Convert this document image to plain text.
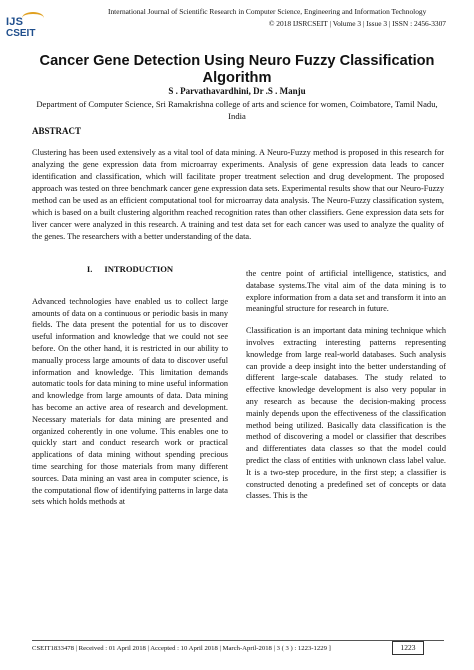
IJS
CSEIT
International Journal of Scientific Research in Computer Science, Engineering and Information Technology
© 2018 IJSRCSEIT | Volume 3 | Issue 3 | ISSN : 2456-3307
Cancer Gene Detection Using Neuro Fuzzy Classification Algorithm
S . Parvathavardhini, Dr .S . Manju
Department of Computer Science, Sri Ramakrishna college of arts and science for women, Coimbatore, Tamil Nadu, India
ABSTRACT
Clustering has been used extensively as a vital tool of data mining. A Neuro-Fuzzy method is proposed in this research for analyzing the gene expression data from microarray experiments. Analysis of gene expression data leads to cancer identification and classification, which will facilitate proper treatment selection and drug development. The proposed approach was tested on three benchmark cancer gene expression data sets. Experimental results show that our Neuro-Fuzzy method can be used as an efficient computational tool for microarray data analysis. The Neuro-Fuzzy classification system, which is based on a built clustering algorithm reached recognition rates than other classifiers. Gene expression data sets for liver cancer were analyzed in this research. A training and test data set for each cancer was used to analyze the quality of the genes. The researchers with a better understanding of the data.
I. INTRODUCTION

Advanced technologies have enabled us to collect large amounts of data on a continuous or periodic basis in many fields. The data present the potential for us to discover useful information and knowledge that we could not see before. On the other hand, it is restricted in our ability to manually process large amounts of data to discover useful information and knowledge. This limitation demands automatic tools for data mining to mine useful information and knowledge from large amounts of data. Data mining has become an active area of research and development. Necessary materials for data mining are presented and organized coherently in one volume. This enables one to quickly start and conduct research work or practical applications of data mining without spending precious time searching for those materials from many different sources. Data mining an vast area in computer science, is the computational flow of identifying patterns in large data sets which holds methods at

the centre point of artificial intelligence, statistics, and database systems.The vital aim of the data mining is to explore information from a data set and transform it into an meaningful structure for research in future.

Classification is an important data mining technique which involves extracting interesting patterns representing knowledge from large real-world databases. Such analysis can provide a deep insight into the better understanding of different large-scale databases. The study related to effective knowledge development is also very popular in any research as because the decision-making process mainly depends upon the effectiveness of the classification method being utilized. Basically data classification is the method of discovering a model or classifier that describes and differentiates data classes so that the model could predict the class of entities with unknown class label value. It is a two-step procedure, in the first step; a classifier is constructed denoting a predefined set of concepts or data classes. This is the

CSEIT1833478 | Received : 01 April 2018 | Accepted : 10 April 2018 | March-April-2018 | 3 ( 3 ) : 1223-1229 ]	1223
